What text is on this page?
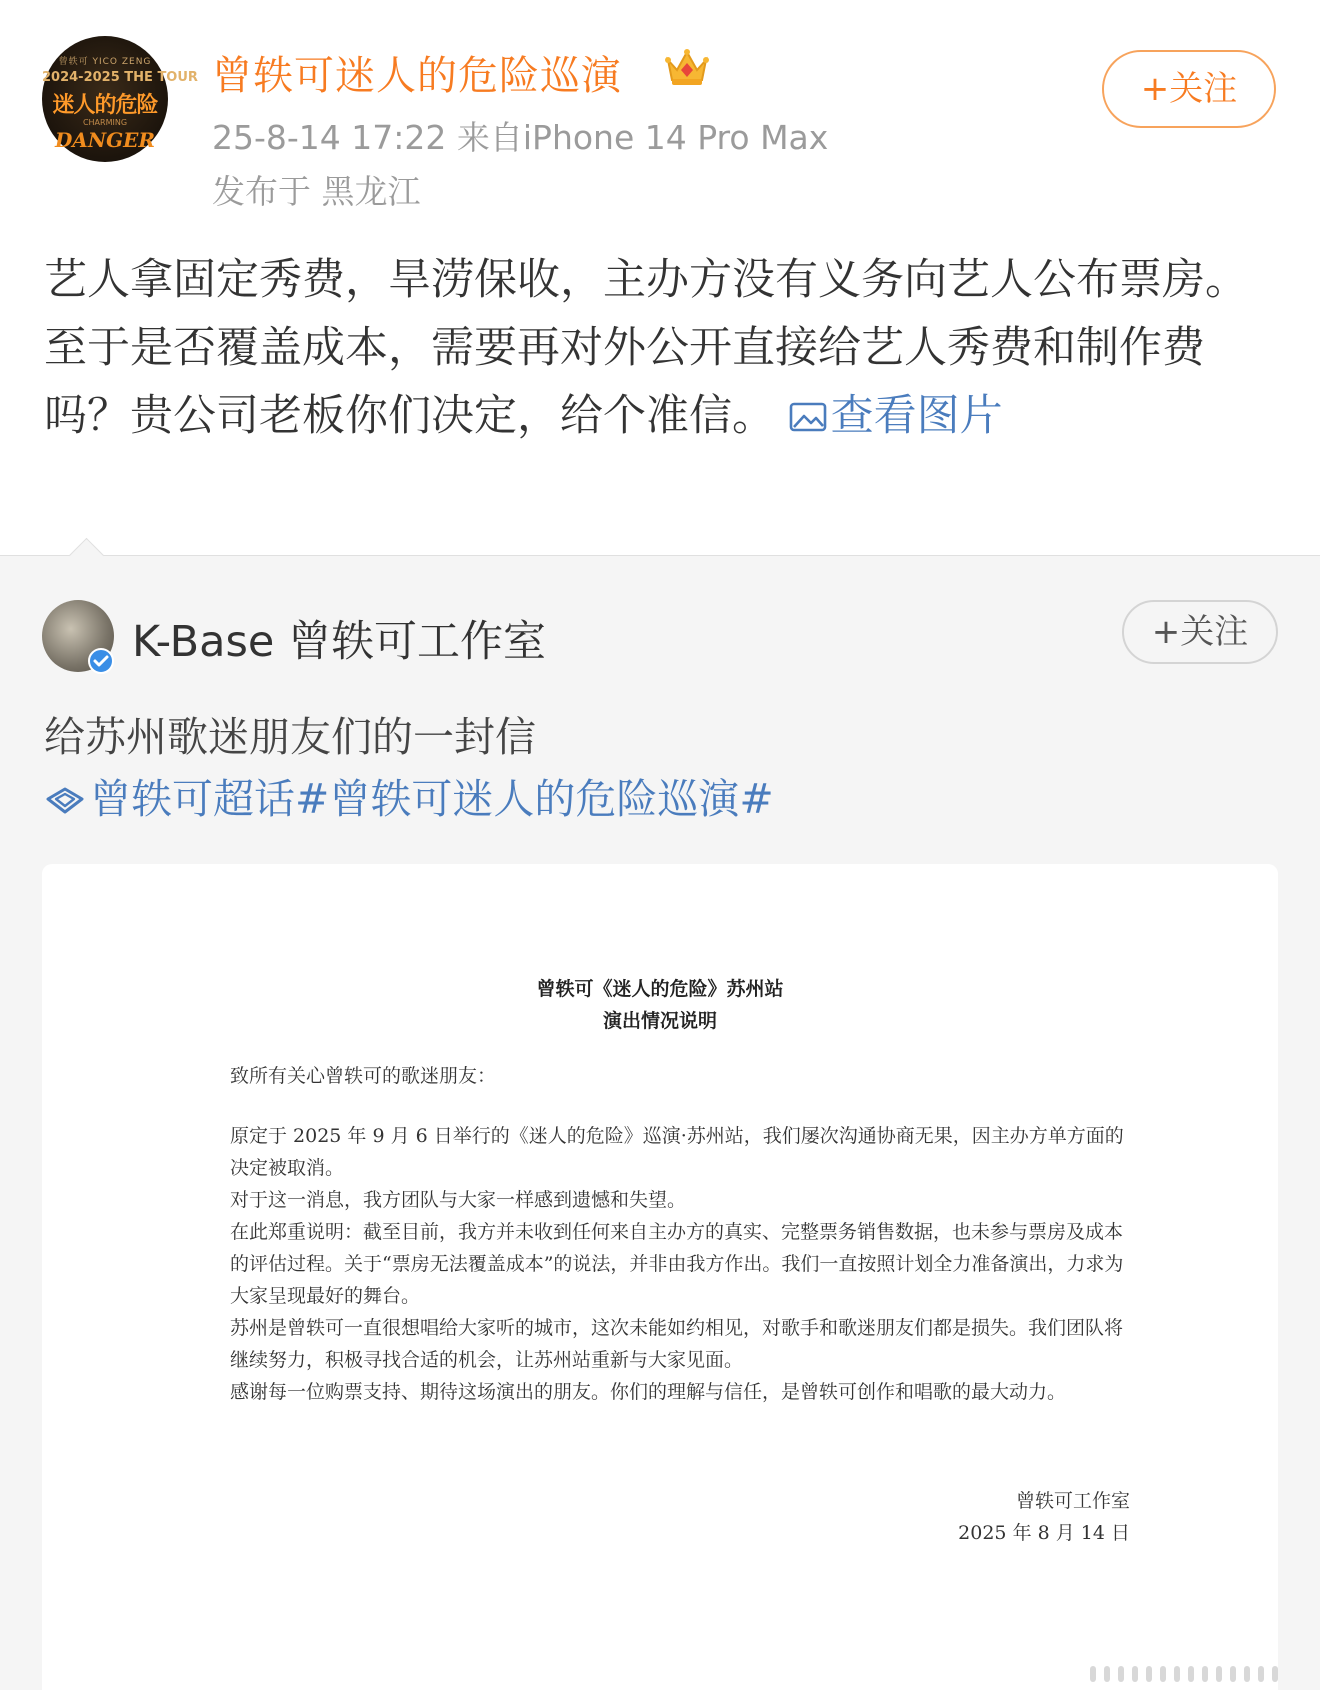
曾轶可 YICO ZENG
2024-2025 THE TOUR
迷人的危险
CHARMING
DANGER
曾轶可迷人的危险巡演
25-8-14 17:22 来自iPhone 14 Pro Max
发布于 黑龙江
+关注
艺人拿固定秀费，旱涝保收，主办方没有义务向艺人公布票房。至于是否覆盖成本，需要再对外公开直接给艺人秀费和制作费吗？贵公司老板你们决定，给个准信。 查看图片
K-Base 曾轶可工作室	+关注
给苏州歌迷朋友们的一封信
曾轶可超话#曾轶可迷人的危险巡演#
曾轶可《迷人的危险》苏州站
演出情况说明

致所有关心曾轶可的歌迷朋友：

原定于 2025 年 9 月 6 日举行的《迷人的危险》巡演·苏州站，我们屡次沟通协商无果，因主办方单方面的决定被取消。

对于这一消息，我方团队与大家一样感到遗憾和失望。

在此郑重说明：截至目前，我方并未收到任何来自主办方的真实、完整票务销售数据，也未参与票房及成本的评估过程。关于“票房无法覆盖成本”的说法，并非由我方作出。我们一直按照计划全力准备演出，力求为大家呈现最好的舞台。

苏州是曾轶可一直很想唱给大家听的城市，这次未能如约相见，对歌手和歌迷朋友们都是损失。我们团队将继续努力，积极寻找合适的机会，让苏州站重新与大家见面。

感谢每一位购票支持、期待这场演出的朋友。你们的理解与信任，是曾轶可创作和唱歌的最大动力。

曾轶可工作室
2025 年 8 月 14 日
